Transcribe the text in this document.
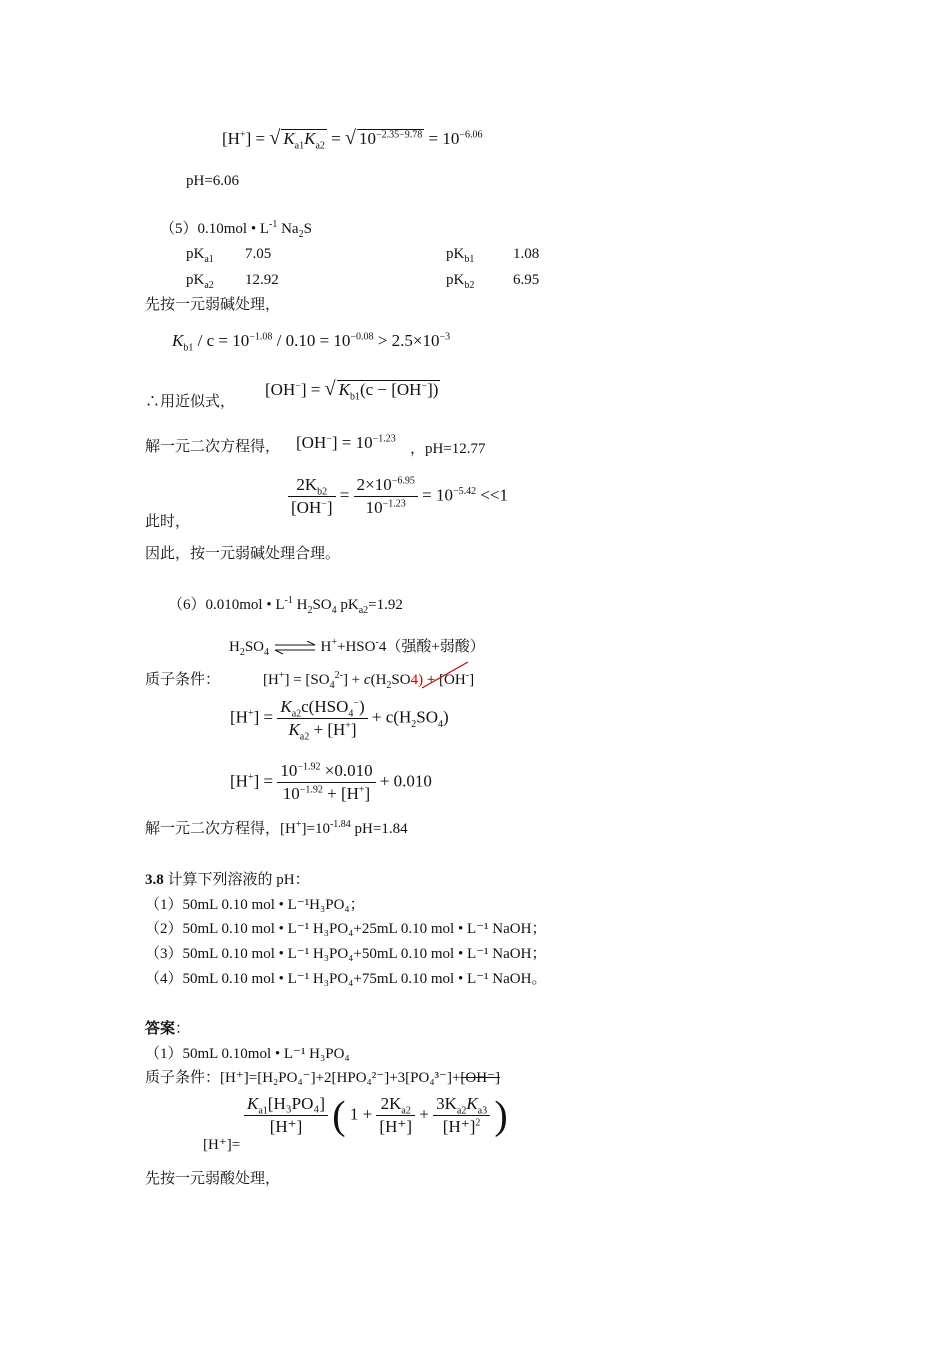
[H+] = √ $K_{a1}K_{a2}$ = √ $10^{-2.35-9.78} = 10^{-6.06}$
pH=6.06
（5）0.10mol • $L^{-1}$ $Na_2S$
$pK_{a1}$ 7.05	$pK_{b1}$	1.08
$pK_{a2}$ 12.92	$pK_{b2}$	6.95
先按一元弱碱处理，
$K_{b1} / c = 10^{-1.08} / 0.10 = 10^{-0.08} > 2.5\times 10^{-3}$
∴用近似式，
[OH−] = √ $K_{b1}(c - [OH^-])$
解一元二次方程得， $[OH^-] = 10^{-1.23}$
，pH=12.77
此时，
$\frac{2K_{b2}}{[OH^-]} = \frac{2\times 10^{-6.95}}{10^{-1.23}} = 10^{-5.42} <<1$
因此，按一元弱碱处理合理。
（6）0.010mol • $L^{-1}$ $H_2SO_4$ $pK_{a2}=1.92$
$H_2SO_4$ ⇌ H++HSO-4（强酸+弱酸）
质子条件：	$[H^+] = [SO_4^{2-}] + c(H_2SO4) + [OH^-]$
$[H^+] = \frac{K_{a2}c(HSO_4^-)}{K_{a2} + [H^+]} + c(H_2SO_4)$
$[H^+] = \frac{10^{-1.92} \times 0.010}{10^{-1.92} + [H^+]} + 0.010$
解一元二次方程得，$[H^+]=10^{-1.84}$ pH=1.84
3.8 计算下列溶液的 pH：
（1）50mL 0.10 mol • L⁻¹H₃PO₄；
（2）50mL 0.10 mol • L⁻¹ H₃PO₄+25mL 0.10 mol • L⁻¹ NaOH；
（3）50mL 0.10 mol • L⁻¹ H₃PO₄+50mL 0.10 mol • L⁻¹ NaOH；
（4）50mL 0.10 mol • L⁻¹ H₃PO₄+75mL 0.10 mol • L⁻¹ NaOH。
答案：
（1）50mL 0.10mol • L⁻¹ H₃PO₄
质子条件：[H⁺]=[H₂PO₄⁻]+2[HPO₄²⁻]+3[PO₄³⁻]+[OH⁻]
[H⁺]=
$\frac{K_{a1}[H_3PO_4]}{[H^+]}$ ( $1 + \frac{2K_{a2}}{[H^+]} + \frac{3K_{a2}K_{a3}}{[H^+]^2}$ )
先按一元弱酸处理，
